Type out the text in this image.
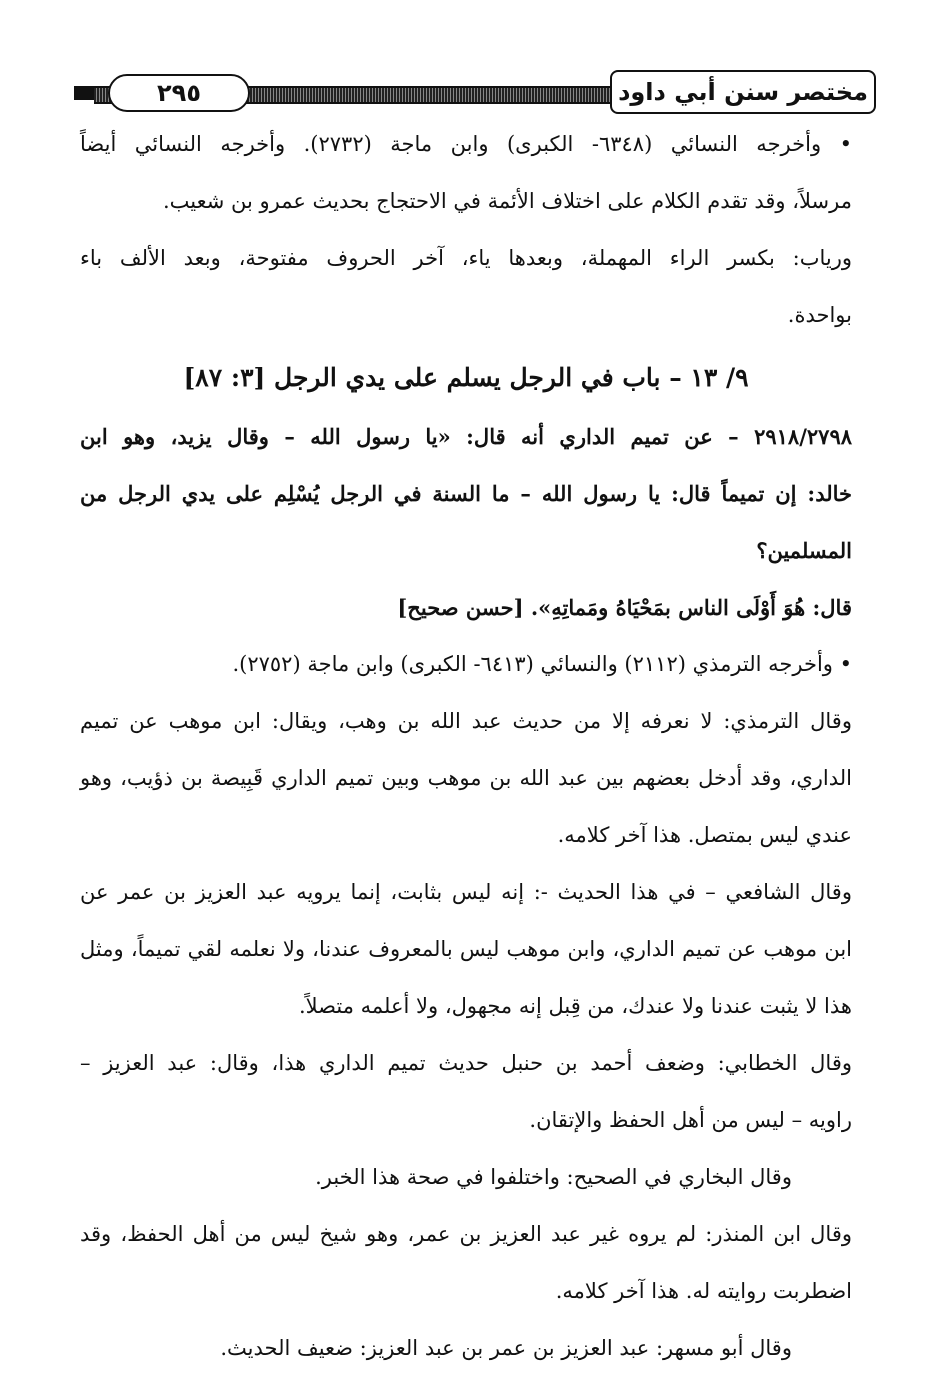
٢٩٥	مختصر سنن أبي داود

• وأخرجه النسائي (٦٣٤٨- الكبرى) وابن ماجة (٢٧٣٢). وأخرجه النسائي أيضاً

مرسلاً، وقد تقدم الكلام على اختلاف الأئمة في الاحتجاج بحديث عمرو بن شعيب.

ورياب: بكسر الراء المهملة، وبعدها ياء، آخر الحروف مفتوحة، وبعد الألف باء

بواحدة.

٩/ ١٣ – باب في الرجل يسلم على يدي الرجل [٣: ٨٧]

٢٩١٨/٢٧٩٨ – عن تميم الداري أنه قال: «يا رسول الله – وقال يزيد، وهو ابن

خالد: إن تميماً قال: يا رسول الله – ما السنة في الرجل يُسْلِم على يدي الرجل من المسلمين؟

قال: هُوَ أَوْلَى الناس بمَحْيَاهُ ومَماتِهِ». [حسن صحيح]

• وأخرجه الترمذي (٢١١٢) والنسائي (٦٤١٣- الكبرى) وابن ماجة (٢٧٥٢).

وقال الترمذي: لا نعرفه إلا من حديث عبد الله بن وهب، ويقال: ابن موهب عن تميم

الداري، وقد أدخل بعضهم بين عبد الله بن موهب وبين تميم الداري قَبِيصة بن ذؤيب، وهو

عندي ليس بمتصل. هذا آخر كلامه.

وقال الشافعي – في هذا الحديث -: إنه ليس بثابت، إنما يرويه عبد العزيز بن عمر عن

ابن موهب عن تميم الداري، وابن موهب ليس بالمعروف عندنا، ولا نعلمه لقي تميماً، ومثل

هذا لا يثبت عندنا ولا عندك، من قِبل إنه مجهول، ولا أعلمه متصلاً.

وقال الخطابي: وضعف أحمد بن حنبل حديث تميم الداري هذا، وقال: عبد العزيز –

راويه – ليس من أهل الحفظ والإتقان.

وقال البخاري في الصحيح: واختلفوا في صحة هذا الخبر.

وقال ابن المنذر: لم يروه غير عبد العزيز بن عمر، وهو شيخ ليس من أهل الحفظ، وقد

اضطربت روايته له. هذا آخر كلامه.

وقال أبو مسهر: عبد العزيز بن عمر بن عبد العزيز: ضعيف الحديث.
